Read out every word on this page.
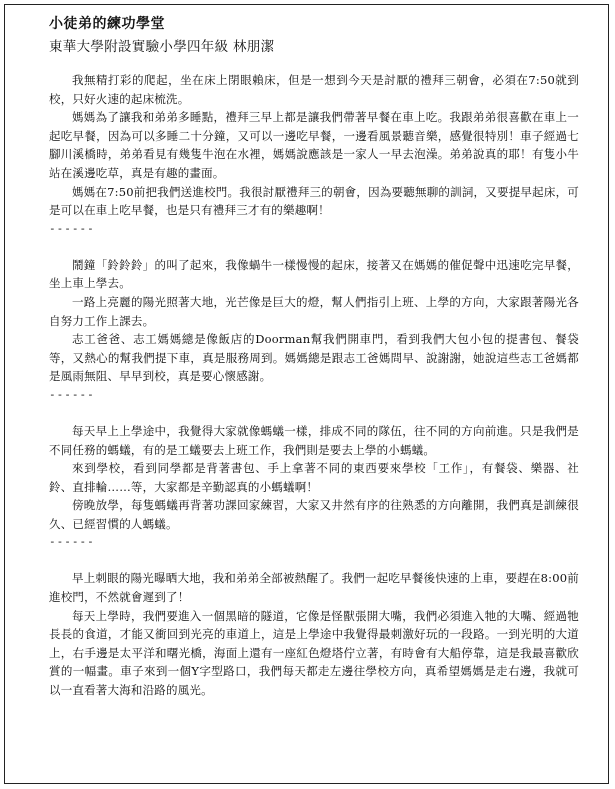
小徒弟的練功學堂
東華大學附設實驗小學四年級 林朋潔

我無精打彩的爬起，坐在床上閉眼賴床，但是一想到今天是討厭的禮拜三朝會，必須在7:50就到校，只好火速的起床梳洗。

媽媽為了讓我和弟弟多睡點，禮拜三早上都是讓我們帶著早餐在車上吃。我跟弟弟很喜歡在車上一起吃早餐，因為可以多睡二十分鐘，又可以一邊吃早餐，一邊看風景聽音樂，感覺很特別！車子經過七腳川溪橋時，弟弟看見有幾隻牛泡在水裡，媽媽說應該是一家人一早去泡澡。弟弟說真的耶！有隻小牛站在溪邊吃草，真是有趣的畫面。

媽媽在7:50前把我們送進校門。我很討厭禮拜三的朝會，因為要聽無聊的訓詞，又要提早起床，可是可以在車上吃早餐，也是只有禮拜三才有的樂趣啊！

------

鬧鐘「鈴鈴鈴」的叫了起來，我像蝸牛一樣慢慢的起床，接著又在媽媽的催促聲中迅速吃完早餐，坐上車上學去。

一路上亮麗的陽光照著大地，光芒像是巨大的燈，幫人們指引上班、上學的方向，大家跟著陽光各自努力工作上課去。

志工爸爸、志工媽媽總是像飯店的Doorman幫我們開車門，看到我們大包小包的提書包、餐袋等，又熱心的幫我們提下車，真是服務周到。媽媽總是跟志工爸媽問早、說謝謝，她說這些志工爸媽都是風雨無阻、早早到校，真是要心懷感謝。

------

每天早上上學途中，我覺得大家就像螞蟻一樣，排成不同的隊伍，往不同的方向前進。只是我們是不同任務的螞蟻，有的是工蟻要去上班工作，我們則是要去上學的小螞蟻。

來到學校，看到同學都是背著書包、手上拿著不同的東西要來學校「工作」，有餐袋、樂器、社鈴、直排輪……等，大家都是辛勤認真的小螞蟻啊！

傍晚放學，每隻螞蟻再背著功課回家練習，大家又井然有序的往熟悉的方向離開，我們真是訓練很久、已經習慣的人螞蟻。

------

早上刺眼的陽光曝晒大地，我和弟弟全部被熱醒了。我們一起吃早餐後快速的上車，要趕在8:00前進校門，不然就會遲到了！

每天上學時，我們要進入一個黑暗的隧道，它像是怪獸張開大嘴，我們必須進入牠的大嘴、經過牠長長的食道，才能又衝回到光亮的車道上，這是上學途中我覺得最刺激好玩的一段路。一到光明的大道上，右手邊是太平洋和曙光橋，海面上還有一座紅色燈塔佇立著，有時會有大船停靠，這是我最喜歡欣賞的一幅畫。車子來到一個Y字型路口，我們每天都走左邊往學校方向，真希望媽媽是走右邊，我就可以一直看著大海和沿路的風光。
